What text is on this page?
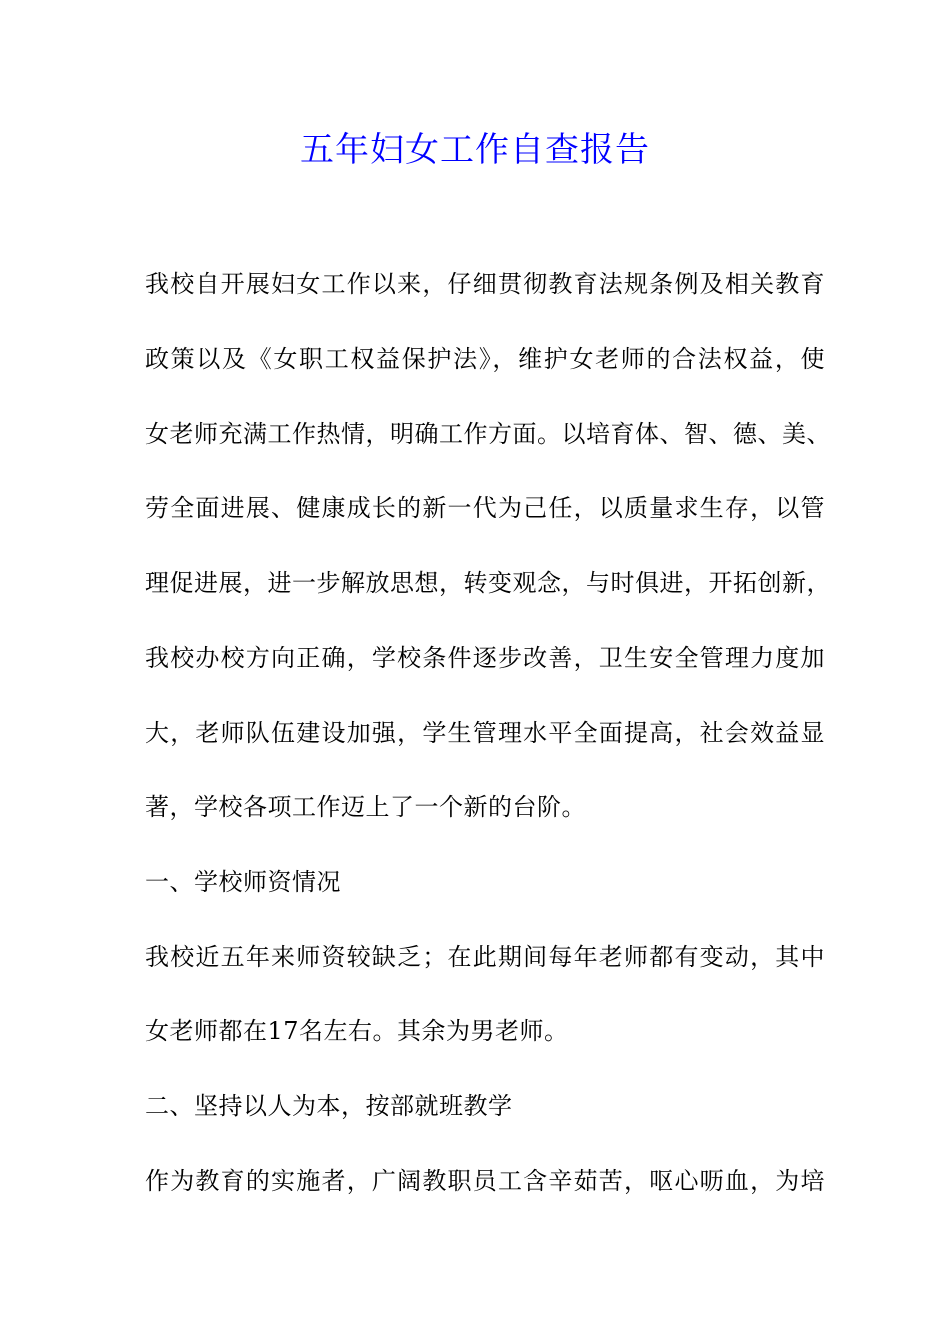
五年妇女工作自查报告
我校自开展妇女工作以来，仔细贯彻教育法规条例及相关教育
政策以及《女职工权益保护法》，维护女老师的合法权益，使
女老师充满工作热情，明确工作方面。以培育体、智、德、美、
劳全面进展、健康成长的新一代为己任，以质量求生存，以管
理促进展，进一步解放思想，转变观念，与时俱进，开拓创新，
我校办校方向正确，学校条件逐步改善，卫生安全管理力度加
大，老师队伍建设加强，学生管理水平全面提高，社会效益显
著，学校各项工作迈上了一个新的台阶。
一、学校师资情况
我校近五年来师资较缺乏；在此期间每年老师都有变动，其中
女老师都在17名左右。其余为男老师。
二、坚持以人为本，按部就班教学
作为教育的实施者，广阔教职员工含辛茹苦，呕心呖血，为培
